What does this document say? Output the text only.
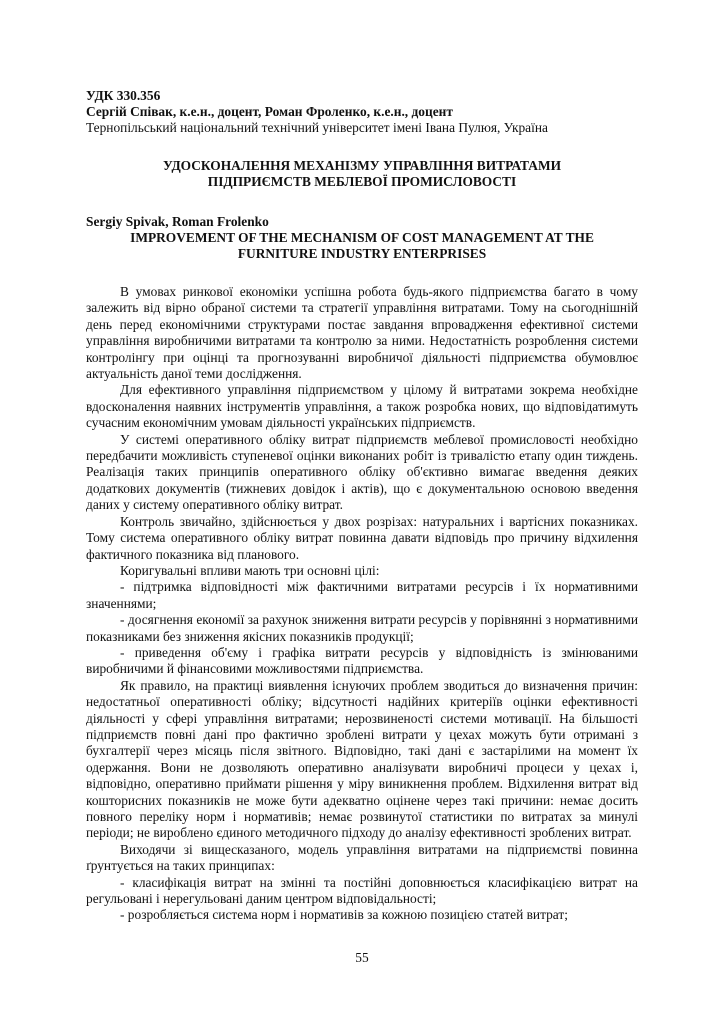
УДК 330.356
Сергій Співак, к.е.н., доцент, Роман Фроленко, к.е.н., доцент
Тернопільський національний технічний університет імені Івана Пулюя, Україна
УДОСКОНАЛЕННЯ МЕХАНІЗМУ УПРАВЛІННЯ ВИТРАТАМИ
ПІДПРИЄМСТВ МЕБЛЕВОЇ ПРОМИСЛОВОСТІ
Sergiy Spivak, Roman Frolenko
IMPROVEMENT OF THE MECHANISM OF COST MANAGEMENT AT THE
FURNITURE INDUSTRY ENTERPRISES

В умовах ринкової економіки успішна робота будь-якого підприємства багато в чому залежить від вірно обраної системи та стратегії управління витратами. Тому на сьогоднішній день перед економічними структурами постає завдання впровадження ефективної системи управління виробничими витратами та контролю за ними. Недостатність розроблення системи контролінгу при оцінці та прогнозуванні виробничої діяльності підприємства обумовлює актуальність даної теми дослідження.

Для ефективного управління підприємством у цілому й витратами зокрема необхідне вдосконалення наявних інструментів управління, а також розробка нових, що відповідатимуть сучасним економічним умовам діяльності українських підприємств.

У системі оперативного обліку витрат підприємств меблевої промисловості необхідно передбачити можливість ступеневої оцінки виконаних робіт із тривалістю етапу один тиждень. Реалізація таких принципів оперативного обліку об'єктивно вимагає введення деяких додаткових документів (тижневих довідок і актів), що є документальною основою введення даних у систему оперативного обліку витрат.

Контроль звичайно, здійснюється у двох розрізах: натуральних і вартісних показниках. Тому система оперативного обліку витрат повинна давати відповідь про причину відхилення фактичного показника від планового.

Коригувальні впливи мають три основні цілі:

- підтримка відповідності між фактичними витратами ресурсів і їх нормативними значеннями;

- досягнення економії за рахунок зниження витрати ресурсів у порівнянні з нормативними показниками без зниження якісних показників продукції;

- приведення об'єму і графіка витрати ресурсів у відповідність із змінюваними виробничими й фінансовими можливостями підприємства.

Як правило, на практиці виявлення існуючих проблем зводиться до визначення причин: недостатньої оперативності обліку; відсутності надійних критеріїв оцінки ефективності діяльності у сфері управління витратами; нерозвиненості системи мотивації. На більшості підприємств повні дані про фактично зроблені витрати у цехах можуть бути отримані з бухгалтерії через місяць після звітного. Відповідно, такі дані є застарілими на момент їх одержання. Вони не дозволяють оперативно аналізувати виробничі процеси у цехах і, відповідно, оперативно приймати рішення у міру виникнення проблем. Відхилення витрат від кошторисних показників не може бути адекватно оцінене через такі причини: немає досить повного переліку норм і нормативів; немає розвинутої статистики по витратах за минулі періоди; не вироблено єдиного методичного підходу до аналізу ефективності зроблених витрат.

Виходячи зі вищесказаного, модель управління витратами на підприємстві повинна ґрунтується на таких принципах:

- класифікація витрат на змінні та постійні доповнюється класифікацією витрат на регульовані і нерегульовані даним центром відповідальності;

- розробляється система норм і нормативів за кожною позицією статей витрат;

55
